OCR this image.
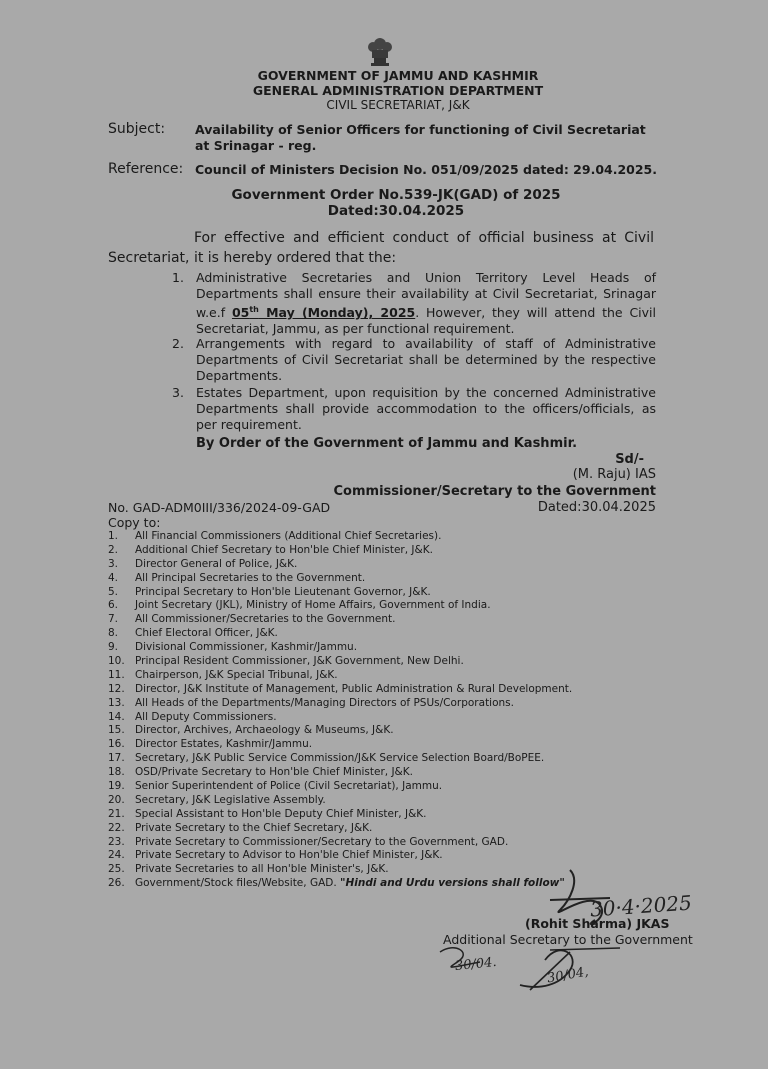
GOVERNMENT OF JAMMU AND KASHMIR
GENERAL ADMINISTRATION DEPARTMENT
CIVIL SECRETARIAT, J&K
Subject: Availability of Senior Officers for functioning of Civil Secretariat at Srinagar - reg.
Reference: Council of Ministers Decision No. 051/09/2025 dated: 29.04.2025.
Government Order No.539-JK(GAD) of 2025
Dated:30.04.2025
For effective and efficient conduct of official business at Civil Secretariat, it is hereby ordered that the:
1. Administrative Secretaries and Union Territory Level Heads of Departments shall ensure their availability at Civil Secretariat, Srinagar w.e.f 05th May (Monday), 2025. However, they will attend the Civil Secretariat, Jammu, as per functional requirement.
2. Arrangements with regard to availability of staff of Administrative Departments of Civil Secretariat shall be determined by the respective Departments.
3. Estates Department, upon requisition by the concerned Administrative Departments shall provide accommodation to the officers/officials, as per requirement.
By Order of the Government of Jammu and Kashmir.
Sd/-
(M. Raju) IAS
Commissioner/Secretary to the Government
Dated:30.04.2025
No. GAD-ADM0III/336/2024-09-GAD
Copy to:
1. All Financial Commissioners (Additional Chief Secretaries).
2. Additional Chief Secretary to Hon'ble Chief Minister, J&K.
3. Director General of Police, J&K.
4. All Principal Secretaries to the Government.
5. Principal Secretary to Hon'ble Lieutenant Governor, J&K.
6. Joint Secretary (JKL), Ministry of Home Affairs, Government of India.
7. All Commissioner/Secretaries to the Government.
8. Chief Electoral Officer, J&K.
9. Divisional Commissioner, Kashmir/Jammu.
10. Principal Resident Commissioner, J&K Government, New Delhi.
11. Chairperson, J&K Special Tribunal, J&K.
12. Director, J&K Institute of Management, Public Administration & Rural Development.
13. All Heads of the Departments/Managing Directors of PSUs/Corporations.
14. All Deputy Commissioners.
15. Director, Archives, Archaeology & Museums, J&K.
16. Director Estates, Kashmir/Jammu.
17. Secretary, J&K Public Service Commission/J&K Service Selection Board/BoPEE.
18. OSD/Private Secretary to Hon'ble Chief Minister, J&K.
19. Senior Superintendent of Police (Civil Secretariat), Jammu.
20. Secretary, J&K Legislative Assembly.
21. Special Assistant to Hon'ble Deputy Chief Minister, J&K.
22. Private Secretary to the Chief Secretary, J&K.
23. Private Secretary to Commissioner/Secretary to the Government, GAD.
24. Private Secretary to Advisor to Hon'ble Chief Minister, J&K.
25. Private Secretaries to all Hon'ble Minister's, J&K.
26. Government/Stock files/Website, GAD. "Hindi and Urdu versions shall follow"
30·4·2025
(Rohit Sharma) JKAS
Additional Secretary to the Government
30/04.
30/04,
